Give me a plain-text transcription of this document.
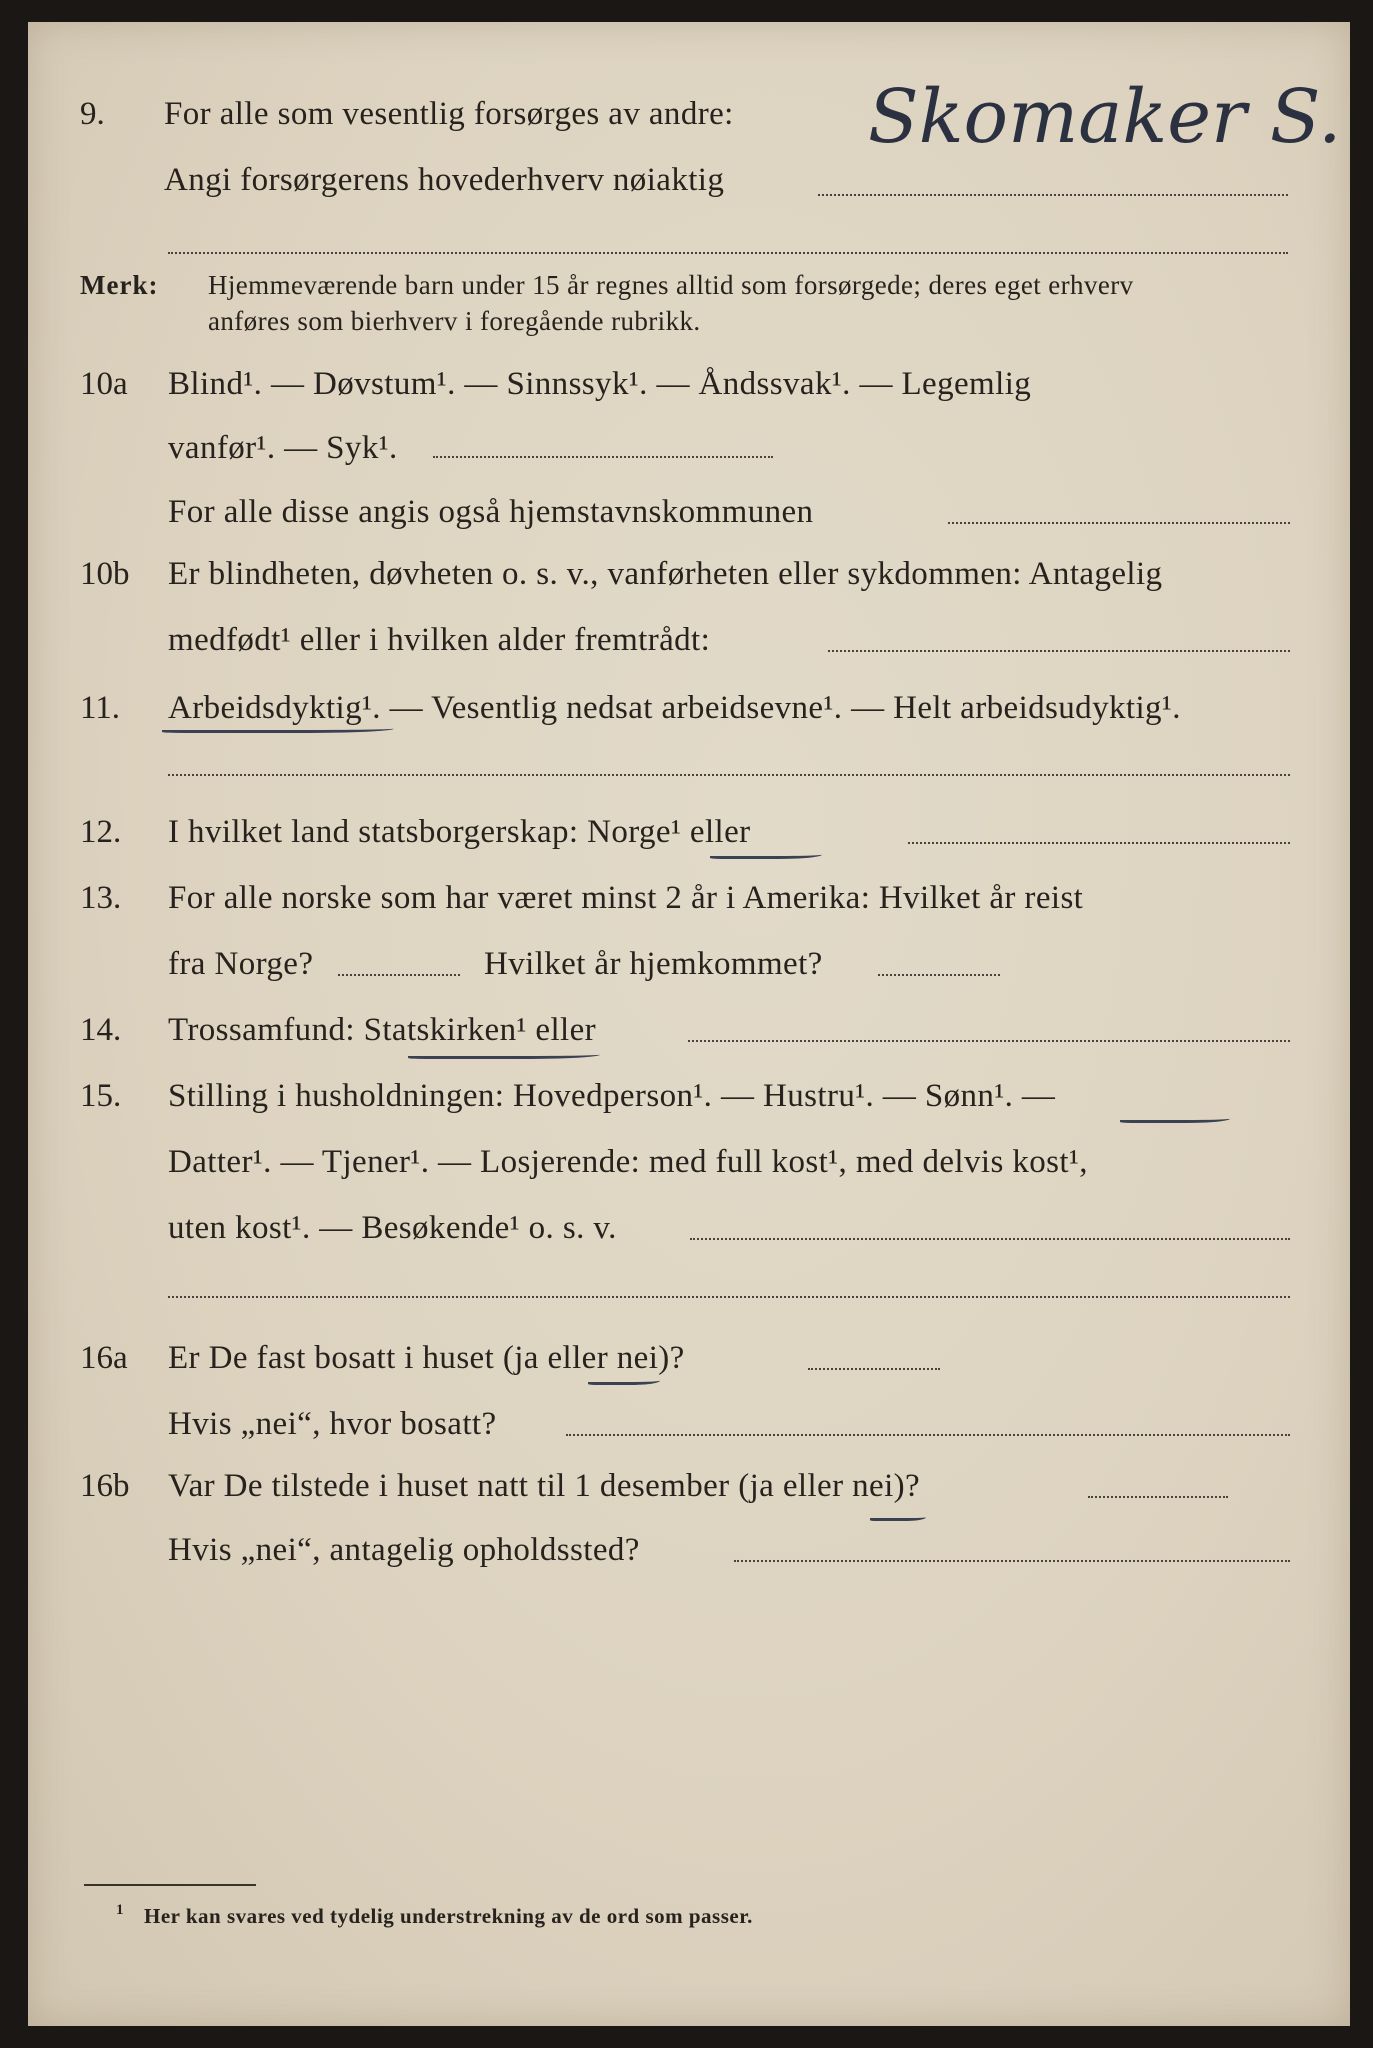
9. For alle som vesentlig forsørges av andre:
Angi forsørgerens hovederhverv nøiaktig
Skomaker S.
Merk: Hjemmeværende barn under 15 år regnes alltid som forsørgede; deres eget erhverv
anføres som bierhverv i foregående rubrikk.
10a Blind¹. — Døvstum¹. — Sinnssyk¹. — Åndssvak¹. — Legemlig
vanfør¹. — Syk¹.
For alle disse angis også hjemstavnskommunen
10b Er blindheten, døvheten o. s. v., vanførheten eller sykdommen: Antagelig
medfødt¹ eller i hvilken alder fremtrådt:
11. Arbeidsdyktig¹. — Vesentlig nedsat arbeidsevne¹. — Helt arbeidsudyktig¹.
12. I hvilket land statsborgerskap: Norge¹ eller
13. For alle norske som har været minst 2 år i Amerika: Hvilket år reist
fra Norge?	Hvilket år hjemkommet?
14. Trossamfund: Statskirken¹ eller
15. Stilling i husholdningen: Hovedperson¹. — Hustru¹. — Sønn¹. —
Datter¹. — Tjener¹. — Losjerende: med full kost¹, med delvis kost¹,
uten kost¹. — Besøkende¹ o. s. v.
16a Er De fast bosatt i huset (ja eller nei)?
Hvis „nei“, hvor bosatt?
16b Var De tilstede i huset natt til 1 desember (ja eller nei)?
Hvis „nei“, antagelig opholdssted?
1 Her kan svares ved tydelig understrekning av de ord som passer.
